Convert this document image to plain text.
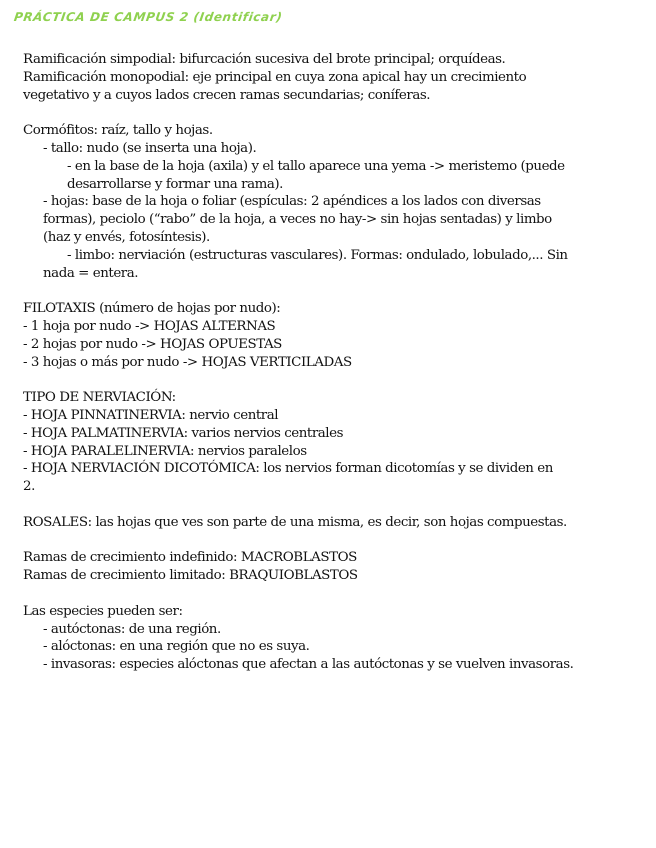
PRÁCTICA DE CAMPUS 2 (Identificar)
Ramificación simpodial: bifurcación sucesiva del brote principal; orquídeas.
Ramificación monopodial: eje principal en cuya zona apical hay un crecimiento
vegetativo y a cuyos lados crecen ramas secundarias; coníferas.
Cormófitos: raíz, tallo y hojas.
- tallo: nudo (se inserta una hoja).
- en la base de la hoja (axila) y el tallo aparece una yema -> meristemo (puede
desarrollarse y formar una rama).
- hojas: base de la hoja o foliar (espículas: 2 apéndices a los lados con diversas
formas), peciolo (“rabo” de la hoja, a veces no hay-> sin hojas sentadas) y limbo
(haz y envés, fotosíntesis).
- limbo: nerviación (estructuras vasculares). Formas: ondulado, lobulado,... Sin
nada = entera.
FILOTAXIS (número de hojas por nudo):
- 1 hoja por nudo -> HOJAS ALTERNAS
- 2 hojas por nudo -> HOJAS OPUESTAS
- 3 hojas o más por nudo -> HOJAS VERTICILADAS
TIPO DE NERVIACIÓN:
- HOJA PINNATINERVIA: nervio central
- HOJA PALMATINERVIA: varios nervios centrales
- HOJA PARALELINERVIA: nervios paralelos
- HOJA NERVIACIÓN DICOTÓMICA: los nervios forman dicotomías y se dividen en
2.
ROSALES: las hojas que ves son parte de una misma, es decir, son hojas compuestas.
Ramas de crecimiento indefinido: MACROBLASTOS
Ramas de crecimiento limitado: BRAQUIOBLASTOS
Las especies pueden ser:
- autóctonas: de una región.
- alóctonas: en una región que no es suya.
- invasoras: especies alóctonas que afectan a las autóctonas y se vuelven invasoras.
